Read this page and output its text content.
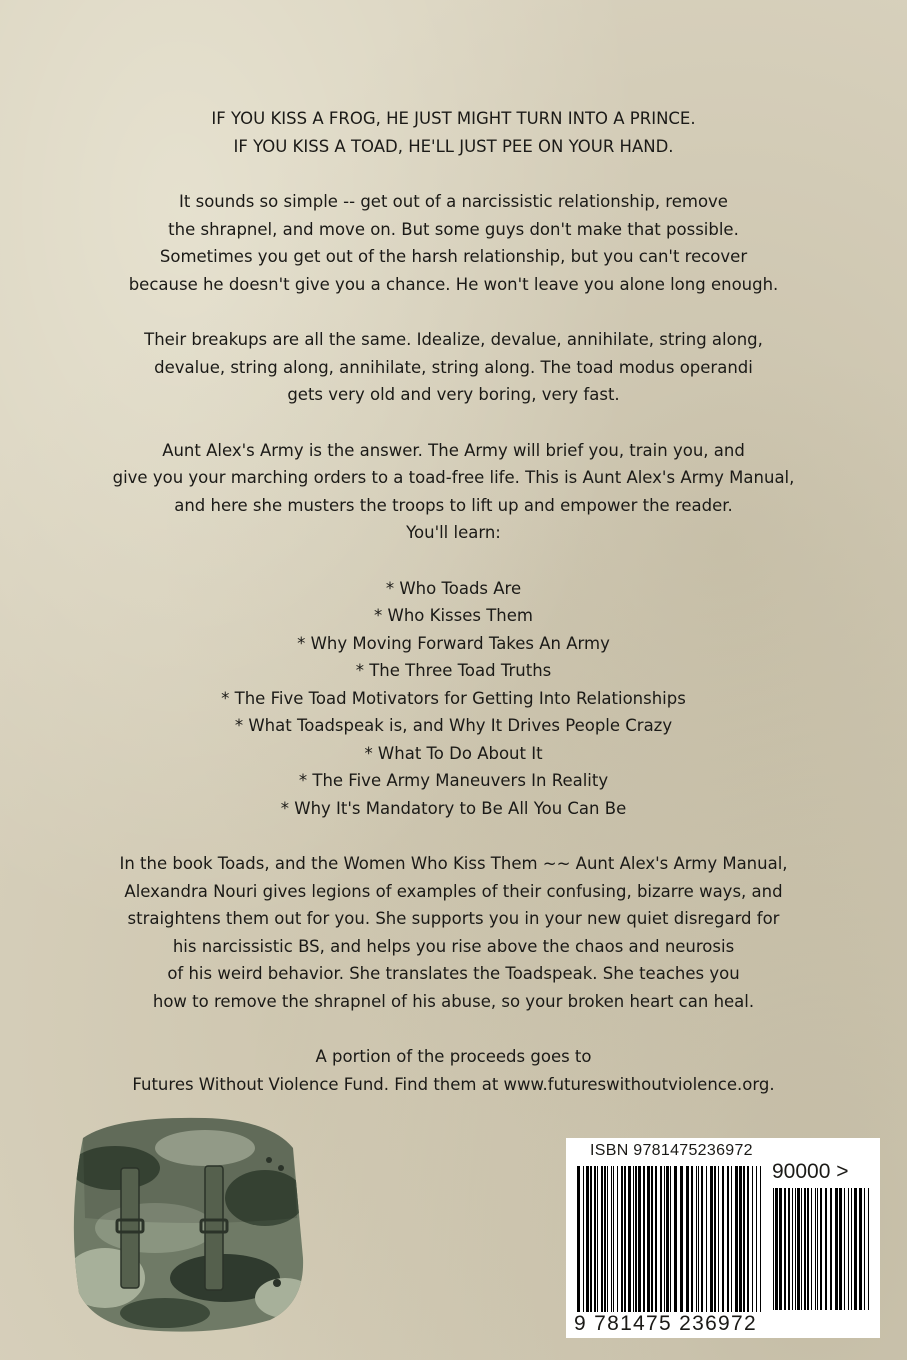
IF YOU KISS A FROG, HE JUST MIGHT TURN INTO A PRINCE.

IF YOU KISS A TOAD, HE'LL JUST PEE ON YOUR HAND.

It sounds so simple -- get out of a narcissistic relationship, remove

the shrapnel, and move on. But some guys don't make that possible.

Sometimes you get out of the harsh relationship, but you can't recover

because he doesn't give you a chance. He won't leave you alone long enough.

Their breakups are all the same. Idealize, devalue, annihilate, string along,

devalue, string along, annihilate, string along. The toad modus operandi

gets very old and very boring, very fast.

Aunt Alex's Army is the answer. The Army will brief you, train you, and

give you your marching orders to a toad-free life. This is Aunt Alex's Army Manual,

and here she musters the troops to lift up and empower the reader.

You'll learn:

* Who Toads Are

* Who Kisses Them

* Why Moving Forward Takes An Army

* The Three Toad Truths

* The Five Toad Motivators for Getting Into Relationships

* What Toadspeak is, and Why It Drives People Crazy

* What To Do About It

* The Five Army Maneuvers In Reality

* Why It's Mandatory to Be All You Can Be

In the book Toads, and the Women Who Kiss Them ~~ Aunt Alex's Army Manual,

Alexandra Nouri gives legions of examples of their confusing, bizarre ways, and

straightens them out for you. She supports you in your new quiet disregard for

his narcissistic BS, and helps you rise above the chaos and neurosis

of his weird behavior. She translates the Toadspeak. She teaches you

how to remove the shrapnel of his abuse, so your broken heart can heal.

A portion of the proceeds goes to

Futures Without Violence Fund. Find them at www.futureswithoutviolence.org.

ISBN 9781475236972
90000 >
9 781475 236972
